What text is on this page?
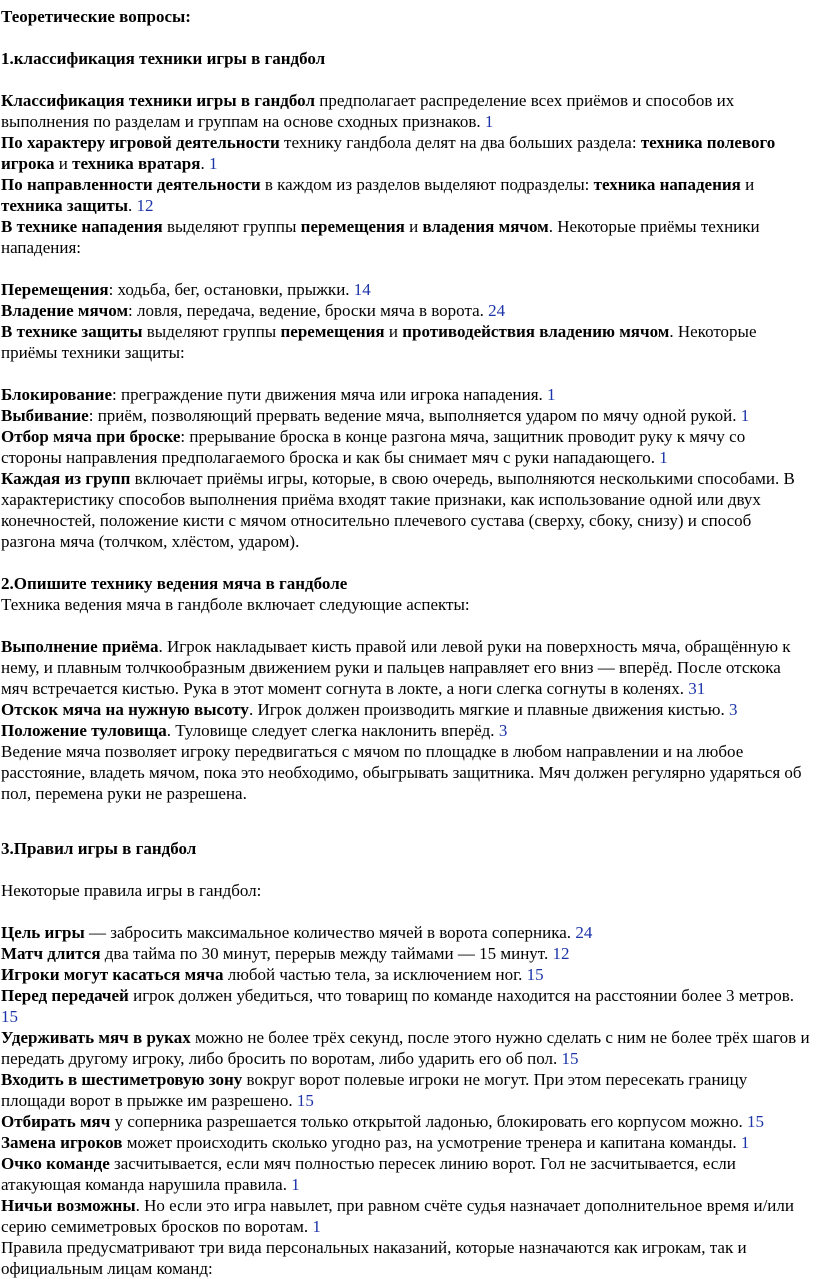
Теоретические вопросы:

1.классификация техники игры в гандбол

Классификация техники игры в гандбол предполагает распределение всех приёмов и способов их выполнения по разделам и группам на основе сходных признаков. 1

По характеру игровой деятельности технику гандбола делят на два больших раздела: техника полевого игрока и техника вратаря. 1

По направленности деятельности в каждом из разделов выделяют подразделы: техника нападения и техника защиты. 12

В технике нападения выделяют группы перемещения и владения мячом. Некоторые приёмы техники нападения:

Перемещения: ходьба, бег, остановки, прыжки. 14

Владение мячом: ловля, передача, ведение, броски мяча в ворота. 24

В технике защиты выделяют группы перемещения и противодействия владению мячом. Некоторые приёмы техники защиты:

Блокирование: преграждение пути движения мяча или игрока нападения. 1

Выбивание: приём, позволяющий прервать ведение мяча, выполняется ударом по мячу одной рукой. 1

Отбор мяча при броске: прерывание броска в конце разгона мяча, защитник проводит руку к мячу со стороны направления предполагаемого броска и как бы снимает мяч с руки нападающего. 1

Каждая из групп включает приёмы игры, которые, в свою очередь, выполняются несколькими способами. В характеристику способов выполнения приёма входят такие признаки, как использование одной или двух конечностей, положение кисти с мячом относительно плечевого сустава (сверху, сбоку, снизу) и способ разгона мяча (толчком, хлёстом, ударом).

2.Опишите технику ведения мяча в гандболе

Техника ведения мяча в гандболе включает следующие аспекты:

Выполнение приёма. Игрок накладывает кисть правой или левой руки на поверхность мяча, обращённую к нему, и плавным толчкообразным движением руки и пальцев направляет его вниз — вперёд. После отскока мяч встречается кистью. Рука в этот момент согнута в локте, а ноги слегка согнуты в коленях. 31

Отскок мяча на нужную высоту. Игрок должен производить мягкие и плавные движения кистью. 3

Положение туловища. Туловище следует слегка наклонить вперёд. 3

Ведение мяча позволяет игроку передвигаться с мячом по площадке в любом направлении и на любое расстояние, владеть мячом, пока это необходимо, обыгрывать защитника. Мяч должен регулярно ударяться об пол, перемена руки не разрешена.

3.Правил игры в гандбол

Некоторые правила игры в гандбол:

Цель игры — забросить максимальное количество мячей в ворота соперника. 24

Матч длится два тайма по 30 минут, перерыв между таймами — 15 минут. 12

Игроки могут касаться мяча любой частью тела, за исключением ног. 15

Перед передачей игрок должен убедиться, что товарищ по команде находится на расстоянии более 3 метров. 15

Удерживать мяч в руках можно не более трёх секунд, после этого нужно сделать с ним не более трёх шагов и передать другому игроку, либо бросить по воротам, либо ударить его об пол. 15

Входить в шестиметровую зону вокруг ворот полевые игроки не могут. При этом пересекать границу площади ворот в прыжке им разрешено. 15

Отбирать мяч у соперника разрешается только открытой ладонью, блокировать его корпусом можно. 15

Замена игроков может происходить сколько угодно раз, на усмотрение тренера и капитана команды. 1

Очко команде засчитывается, если мяч полностью пересек линию ворот. Гол не засчитывается, если атакующая команда нарушила правила. 1

Ничьи возможны. Но если это игра навылет, при равном счёте судья назначает дополнительное время и/или серию семиметровых бросков по воротам. 1

Правила предусматривают три вида персональных наказаний, которые назначаются как игрокам, так и официальным лицам команд:
